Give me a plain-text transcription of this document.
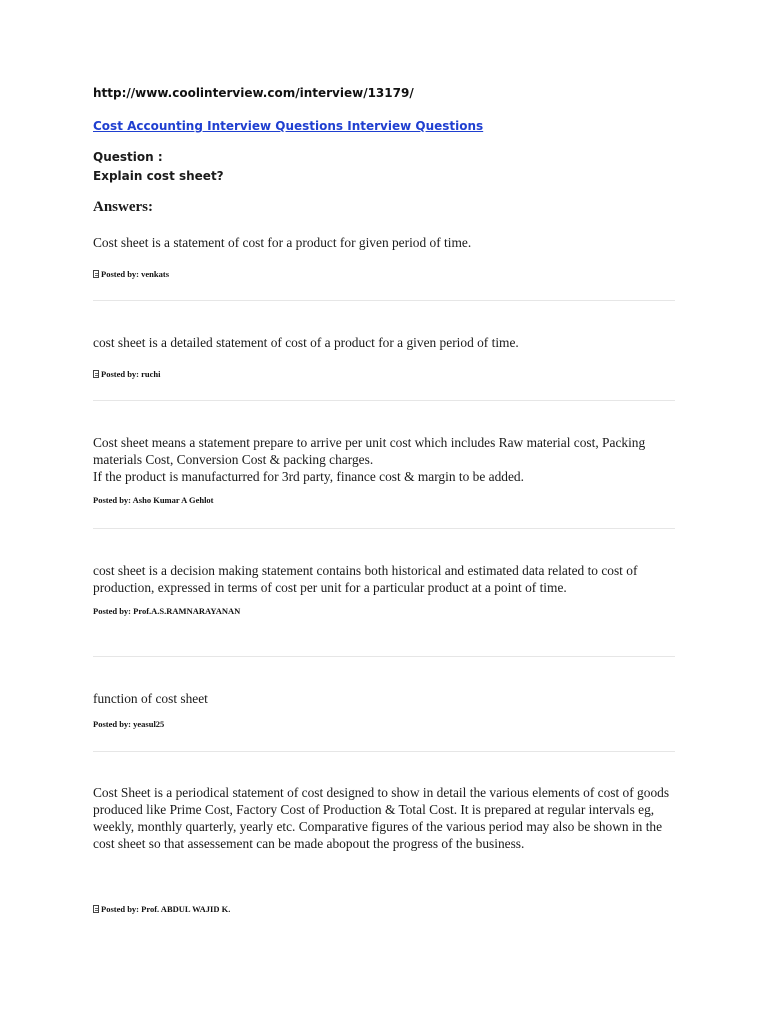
http://www.coolinterview.com/interview/13179/
Cost Accounting Interview Questions Interview Questions
Question :
Explain cost sheet?
Answers:

Cost sheet is a statement of cost for a product for given period of time.

Posted by: venkats

cost sheet is a detailed statement of cost of a product for a given period of time.

Posted by: ruchi

Cost sheet means a statement prepare to arrive per unit cost which includes Raw material cost, Packing materials Cost, Conversion Cost & packing charges.
If the product is manufacturred for 3rd party, finance cost & margin to be added.

Posted by: Asho Kumar A Gehlot

cost sheet is a decision making statement contains both historical and estimated data related to cost of production, expressed in terms of cost per unit for a particular product at a point of time.

Posted by: Prof.A.S.RAMNARAYANAN

function of cost sheet

Posted by: yeasul25

Cost Sheet is a periodical statement of cost designed to show in detail the various elements of cost of goods produced like Prime Cost, Factory Cost of Production & Total Cost. It is prepared at regular intervals eg, weekly, monthly quarterly, yearly etc. Comparative figures of the various period may also be shown in the cost sheet so that assessement can be made abopout the progress of the business.

Posted by: Prof. ABDUL WAJID K.
